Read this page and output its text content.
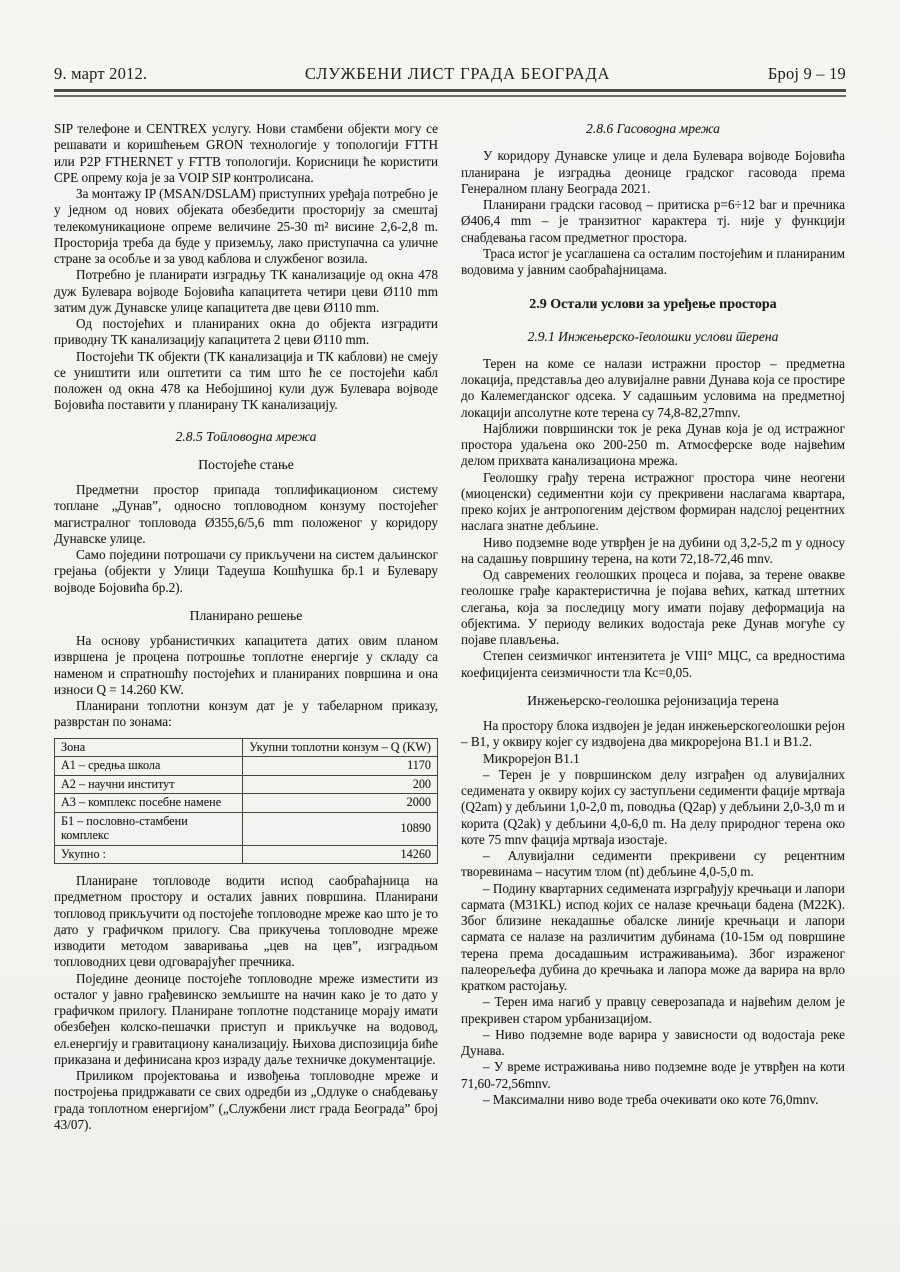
9. март 2012.	СЛУЖБЕНИ ЛИСТ ГРАДА БЕОГРАДА	Број 9 – 19

SIP телефоне и CENTREX услугу. Нови стамбени објекти могу се решавати и коришћењем GRON технологије у топологији FTTH или P2P FTHERNET у FTTB топологији. Корисници ће користити CPE опрему која је за VOIP SIP контролисана.

За монтажу IP (MSAN/DSLAM) приступних уређаја потребно је у једном од нових објеката обезбедити просторију за смештај телекомуникационе опреме величине 25-30 m² висине 2,6-2,8 m. Просторија треба да буде у приземљу, лако приступачна са уличне стране за особље и за увод каблова и службеног возила.

Потребно је планирати изградњу ТК канализације од окна 478 дуж Булевара војводе Бојовића капацитета четири цеви Ø110 mm затим дуж Дунавске улице капацитета две цеви Ø110 mm.

Од постојећих и планираних окна до објекта изградити приводну ТК канализацију капацитета 2 цеви Ø110 mm.

Постојећи ТК објекти (ТК канализација и ТК каблови) не смеју се уништити или оштетити са тим што ће се постојећи кабл положен од окна 478 ка Небојшиној кули дуж Булевара војводе Бојовића поставити у планирану ТК канализацију.

2.8.5 Топловодна мрежа
Постојеће стање

Предметни простор припада топлификационом систему топлане „Дунав”, односно топловодном конзуму постојећег магистралног топловода Ø355,6/5,6 mm положеног у коридору Дунавске улице.

Само поједини потрошачи су прикључени на систем даљинског грејања (објекти у Улици Тадеуша Кошћушка бр.1 и Булевару војводе Бојовића бр.2).

Планирано решење

На основу урбанистичких капацитета датих овим планом извршена је процена потрошње топлотне енергије у складу са наменом и спратношћу постојећих и планираних површина и она износи Q = 14.260 KW.

Планирани топлотни конзум дат је у табеларном приказу, разврстан по зонама:

Зона	Укупни топлотни конзум – Q (KW)
А1 – средња школа	1170
А2 – научни институт	200
А3 – комплекс посебне намене	2000
Б1 – пословно-стамбени комплекс	10890
Укупно :	14260

Планиране топловоде водити испод саобраћајница на предметном простору и осталих јавних површина. Планирани топловод прикључити од постојеће топловодне мреже као што је то дато у графичком прилогу. Сва прикучења топловодне мреже изводити методом заваривања „цев на цев”, изградњом топловодних цеви одговарајућег пречника.

Поједине деонице постојеће топловодне мреже изместити из осталог у јавно грађевинско земљиште на начин како је то дато у графичком прилогу. Планиране топлотне подстанице морају имати обезбеђен колско-пешачки приступ и прикључке на водовод, ел.енергију и гравитациону канализацију. Њихова диспозиција биће приказана и дефинисана кроз израду даље техничке документације.

Приликом пројектовања и извођења топловодне мреже и постројења придржавати се свих одредби из „Одлуке о снабдевању града топлотном енергијом” („Службени лист града Београда” број 43/07).

2.8.6 Гасоводна мрежа

У коридору Дунавске улице и дела Булевара војводе Бојовића планирана је изградња деонице градског гасовода према Генералном плану Београда 2021.

Планирани градски гасовод – притиска p=6÷12 bar и пречника Ø406,4 mm – је транзитног карактера тј. није у функцији снабдевања гасом предметног простора.

Траса истог је усаглашена са осталим постојећим и планираним водовима у јавним саобраћајницама.

2.9 Остали услови за уређење простора
2.9.1 Инжењерско-геолошки услови терена

Терен на коме се налази истражни простор – предметна локација, представља део алувијалне равни Дунава која се простире до Калемегданског одсека. У садашњим условима на предметној локацији апсолутне коте терена су 74,8-82,27mnv.

Најближи површински ток је река Дунав која је од истражног простора удаљена око 200-250 m. Атмосферске воде највећим делом прихвата канализациона мрежа.

Геолошку грађу терена истражног простора чине неогени (миоценски) седиментни који су прекривени наслагама квартара, преко којих је антропогеним дејством формиран надслој рецентних наслага знатне дебљине.

Ниво подземне воде утврђен је на дубини од 3,2-5,2 m у односу на садашњу површину терена, на коти 72,18-72,46 mnv.

Од савремених геолошких процеса и појава, за терене овакве геолошке грађе карактеристична је појава већих, каткад штетних слегања, која за последицу могу имати појаву деформација на објектима. У периоду великих водостаја реке Дунав могуће су појаве плављења.

Степен сеизмичког интензитета је VIII° МЦС, са вредностима коефицијента сеизмичности тла Кс=0,05.

Инжењерско-геолошка рејонизација терена

На простору блока издвојен је један инжењерскогеолошки рејон – В1, у оквиру којег су издвојена два микрорејона В1.1 и В1.2.

Микрорејон В1.1

– Терен је у површинском делу изграђен од алувијалних седимената у оквиру којих су заступљени седименти фације мртваја (Q2am) у дебљини 1,0-2,0 m, поводња (Q2ap) у дебљини 2,0-3,0 m и корита (Q2ak) у дебљини 4,0-6,0 m. На делу природног терена око коте 75 mnv фација мртваја изостаје.

– Алувијални седименти прекривени су рецентним творевинама – насутим тлом (nt) дебљине 4,0-5,0 m.

– Подину квартарних седимената изрграђују кречњаци и лапори сармата (M31KL) испод којих се налазе кречњаци бадена (M22K). Због близине некадашње обалске линије кречњаци и лапори сармата се налазе на различитим дубинама (10-15м од површине терена према досадашњим истраживањима). Због израженог палеорељефа дубина до кречњака и лапора може да варира на врло кратком растојању.

– Терен има нагиб у правцу северозапада и највећим делом је прекривен старом урбанизацијом.

– Ниво подземне воде варира у зависности од водостаја реке Дунава.

– У време истраживања ниво подземне воде је утврђен на коти 71,60-72,56mnv.

– Максимални ниво воде треба очекивати око коте 76,0mnv.
